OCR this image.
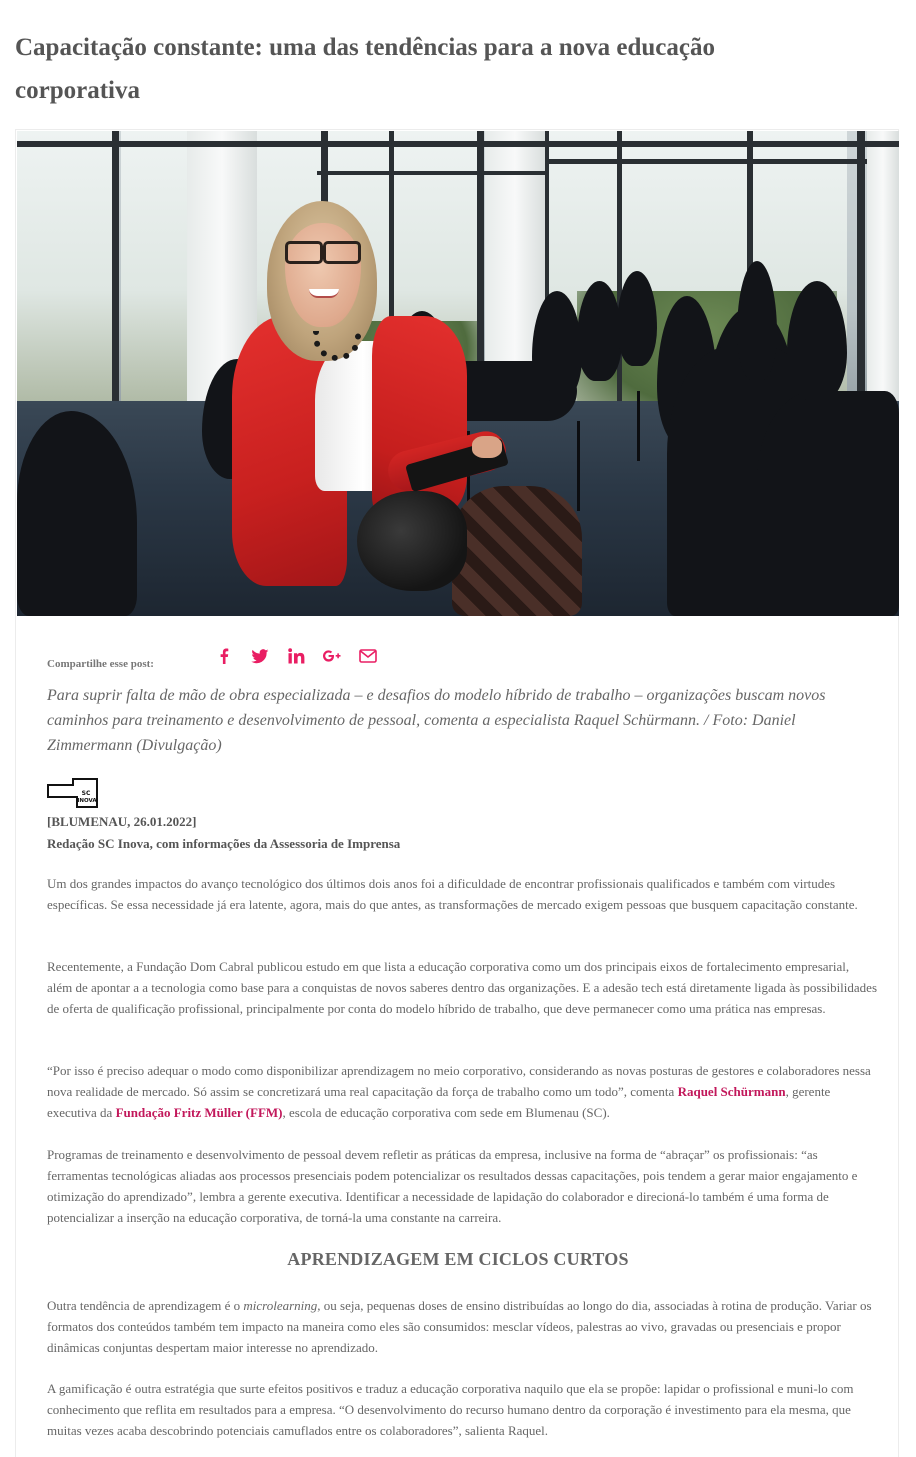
Capacitação constante: uma das tendências para a nova educação
corporativa
Compartilhe esse post:

Para suprir falta de mão de obra especializada – e desafios do modelo híbrido de trabalho – organizações buscam novos caminhos para treinamento e desenvolvimento de pessoal, comenta a especialista Raquel Schürmann. / Foto: Daniel Zimmermann (Divulgação)

SC
INOVA
[BLUMENAU, 26.01.2022]
Redação SC Inova, com informações da Assessoria de Imprensa

Um dos grandes impactos do avanço tecnológico dos últimos dois anos foi a dificuldade de encontrar profissionais qualificados e também com virtudes específicas. Se essa necessidade já era latente, agora, mais do que antes, as transformações de mercado exigem pessoas que busquem capacitação constante.

Recentemente, a Fundação Dom Cabral publicou estudo em que lista a educação corporativa como um dos principais eixos de fortalecimento empresarial, além de apontar a a tecnologia como base para a conquistas de novos saberes dentro das organizações. E a adesão tech está diretamente ligada às possibilidades de oferta de qualificação profissional, principalmente por conta do modelo híbrido de trabalho, que deve permanecer como uma prática nas empresas.

“Por isso é preciso adequar o modo como disponibilizar aprendizagem no meio corporativo, considerando as novas posturas de gestores e colaboradores nessa nova realidade de mercado. Só assim se concretizará uma real capacitação da força de trabalho como um todo”, comenta Raquel Schürmann, gerente executiva da Fundação Fritz Müller (FFM), escola de educação corporativa com sede em Blumenau (SC).

Programas de treinamento e desenvolvimento de pessoal devem refletir as práticas da empresa, inclusive na forma de “abraçar” os profissionais: “as ferramentas tecnológicas aliadas aos processos presenciais podem potencializar os resultados dessas capacitações, pois tendem a gerar maior engajamento e otimização do aprendizado”, lembra a gerente executiva. Identificar a necessidade de lapidação do colaborador e direcioná-lo também é uma forma de potencializar a inserção na educação corporativa, de torná-la uma constante na carreira.

APRENDIZAGEM EM CICLOS CURTOS

Outra tendência de aprendizagem é o microlearning, ou seja, pequenas doses de ensino distribuídas ao longo do dia, associadas à rotina de produção. Variar os formatos dos conteúdos também tem impacto na maneira como eles são consumidos: mesclar vídeos, palestras ao vivo, gravadas ou presenciais e propor dinâmicas conjuntas despertam maior interesse no aprendizado.

A gamificação é outra estratégia que surte efeitos positivos e traduz a educação corporativa naquilo que ela se propõe: lapidar o profissional e muni-lo com conhecimento que reflita em resultados para a empresa. “O desenvolvimento do recurso humano dentro da corporação é investimento para ela mesma, que muitas vezes acaba descobrindo potenciais camuflados entre os colaboradores”, salienta Raquel.
